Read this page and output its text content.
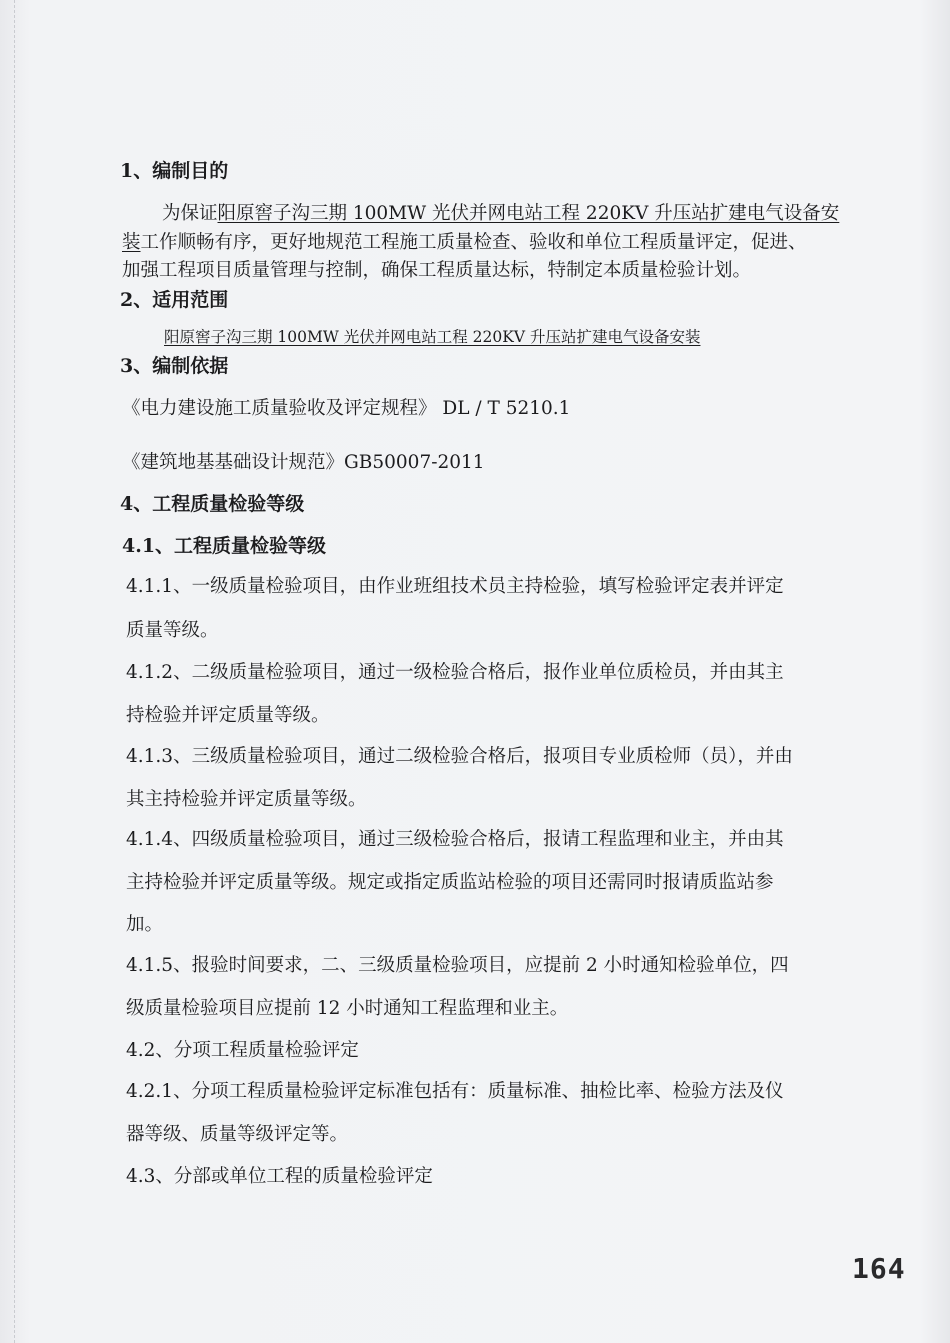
1、编制目的
为保证阳原窖子沟三期 100MW 光伏并网电站工程 220KV 升压站扩建电气设备安
装工作顺畅有序，更好地规范工程施工质量检查、验收和单位工程质量评定，促进、
加强工程项目质量管理与控制，确保工程质量达标，特制定本质量检验计划。
2、适用范围
阳原窖子沟三期 100MW 光伏并网电站工程 220KV 升压站扩建电气设备安装
3、编制依据
《电力建设施工质量验收及评定规程》 DL / T 5210.1
《建筑地基基础设计规范》GB50007-2011
4、工程质量检验等级
4.1、工程质量检验等级
4.1.1、一级质量检验项目，由作业班组技术员主持检验，填写检验评定表并评定
质量等级。
4.1.2、二级质量检验项目，通过一级检验合格后，报作业单位质检员，并由其主
持检验并评定质量等级。
4.1.3、三级质量检验项目，通过二级检验合格后，报项目专业质检师（员），并由
其主持检验并评定质量等级。
4.1.4、四级质量检验项目，通过三级检验合格后，报请工程监理和业主，并由其
主持检验并评定质量等级。规定或指定质监站检验的项目还需同时报请质监站参
加。
4.1.5、报验时间要求，二、三级质量检验项目，应提前 2 小时通知检验单位，四
级质量检验项目应提前 12 小时通知工程监理和业主。
4.2、分项工程质量检验评定
4.2.1、分项工程质量检验评定标准包括有：质量标准、抽检比率、检验方法及仪
器等级、质量等级评定等。
4.3、分部或单位工程的质量检验评定
164
